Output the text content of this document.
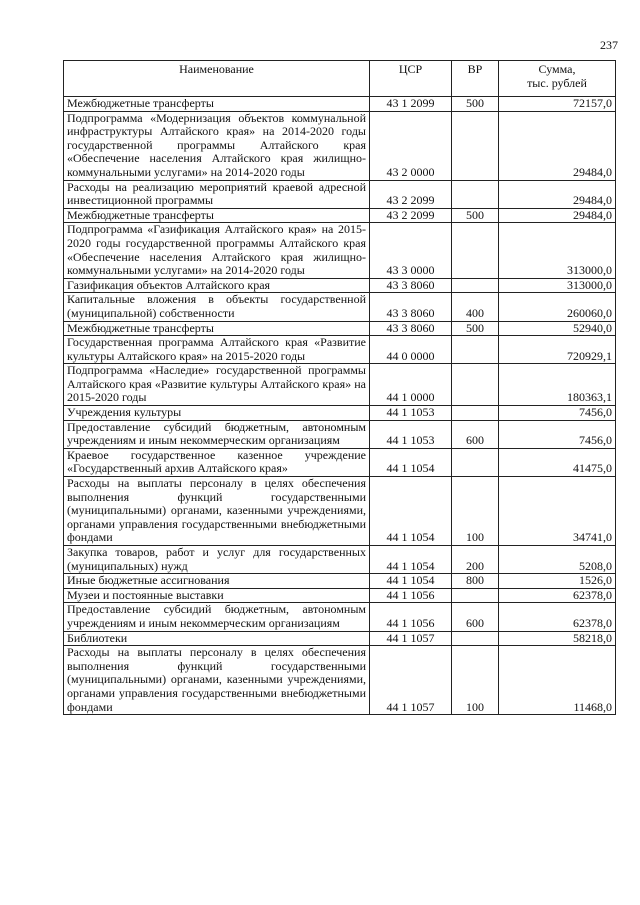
237
Наименование	ЦСР	ВР	Сумма,
тыс. рублей

Межбюджетные трансферты	43 1 2099	500	72157,0
Подпрограмма «Модернизация объектов коммунальной инфраструктуры Алтайского края» на 2014-2020 годы государственной программы Алтайского края «Обеспечение населения Алтайского края жилищно-коммунальными услугами» на 2014-2020 годы	43 2 0000		29484,0
Расходы на реализацию мероприятий краевой адресной инвестиционной программы	43 2 2099		29484,0
Межбюджетные трансферты	43 2 2099	500	29484,0
Подпрограмма «Газификация Алтайского края» на 2015-2020 годы государственной программы Алтайского края «Обеспечение населения Алтайского края жилищно-коммунальными услугами» на 2014-2020 годы	43 3 0000		313000,0
Газификация объектов Алтайского края	43 3 8060		313000,0
Капитальные вложения в объекты государственной (муниципальной) собственности	43 3 8060	400	260060,0
Межбюджетные трансферты	43 3 8060	500	52940,0
Государственная программа Алтайского края «Развитие культуры Алтайского края» на 2015-2020 годы	44 0 0000		720929,1
Подпрограмма «Наследие» государственной программы Алтайского края «Развитие культуры Алтайского края» на 2015-2020 годы	44 1 0000		180363,1
Учреждения культуры	44 1 1053		7456,0
Предоставление субсидий бюджетным, автономным учреждениям и иным некоммерческим организациям	44 1 1053	600	7456,0
Краевое государственное казенное учреждение «Государственный архив Алтайского края»	44 1 1054		41475,0
Расходы на выплаты персоналу в целях обеспечения выполнения функций государственными (муниципальными) органами, казенными учреждениями, органами управления государственными внебюджетными фондами	44 1 1054	100	34741,0
Закупка товаров, работ и услуг для государственных (муниципальных) нужд	44 1 1054	200	5208,0
Иные бюджетные ассигнования	44 1 1054	800	1526,0
Музеи и постоянные выставки	44 1 1056		62378,0
Предоставление субсидий бюджетным, автономным учреждениям и иным некоммерческим организациям	44 1 1056	600	62378,0
Библиотеки	44 1 1057		58218,0
Расходы на выплаты персоналу в целях обеспечения выполнения функций государственными (муниципальными) органами, казенными учреждениями, органами управления государственными внебюджетными фондами	44 1 1057	100	11468,0
